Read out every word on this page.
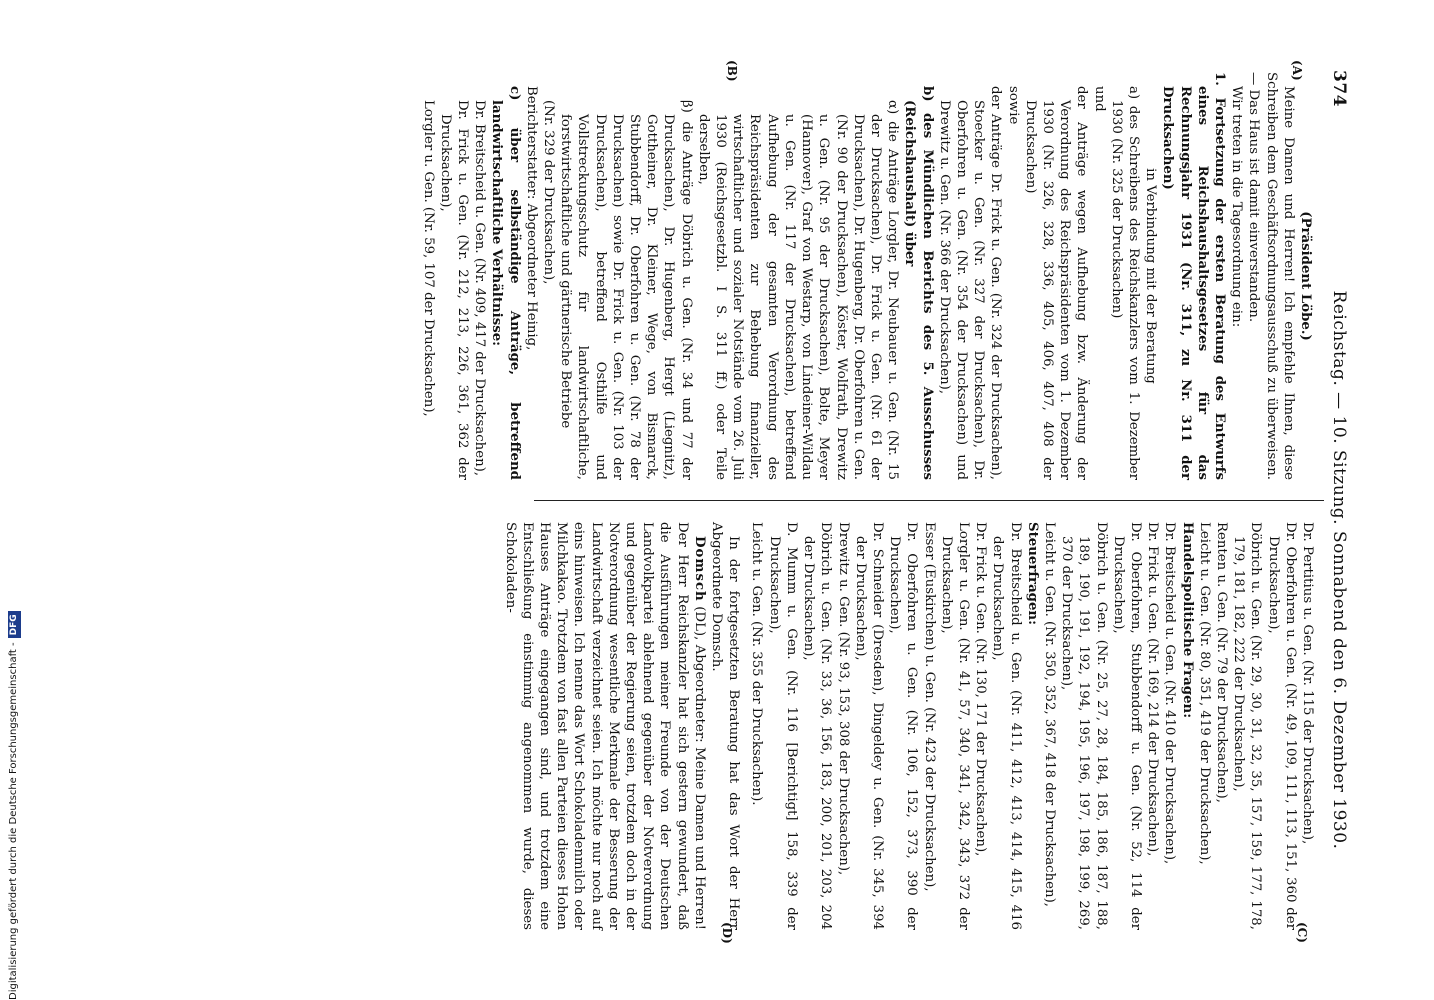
374
Reichstag. — 10. Sitzung. Sonnabend den 6. Dezember 1930.
(A)
(B)
(C)
(D)

(Präsident Löbe.)

Meine Damen und Herren! Ich empfehle Ihnen, diese Schreiben dem Geschäftsordnungsausschuß zu überweisen. — Das Haus ist damit einverstanden.

Wir treten in die Tagesordnung ein:

1. Fortsetzung der ersten Beratung des Entwurfs eines Reichshaushaltsgesetzes für das Rechnungsjahr 1931 (Nr. 311, zu Nr. 311 der Drucksachen)

in Verbindung mit der Beratung

a) des Schreibens des Reichskanzlers vom 1. Dezember 1930 (Nr. 325 der Drucksachen)

und

der Anträge wegen Aufhebung bzw. Änderung der Verordnung des Reichspräsidenten vom 1. Dezember 1930 (Nr. 326, 328, 336, 405, 406, 407, 408 der Drucksachen)

sowie

der Anträge Dr. Frick u. Gen. (Nr. 324 der Drucksachen), Stoecker u. Gen. (Nr. 327 der Drucksachen), Dr. Oberfohren u. Gen. (Nr. 354 der Drucksachen) und Drewitz u. Gen. (Nr. 366 der Drucksachen),

b) des Mündlichen Berichts des 5. Ausschusses (Reichshaushalt) über

α) die Anträge Lorgler, Dr. Neubauer u. Gen. (Nr. 15 der Drucksachen), Dr. Frick u. Gen. (Nr. 61 der Drucksachen), Dr. Hugenberg, Dr. Oberfohren u. Gen. (Nr. 90 der Drucksachen), Köster, Wolfrath, Drewitz u. Gen. (Nr. 95 der Drucksachen), Bolte, Meyer (Hannover), Graf von Westarp, von Lindeiner-Wildau u. Gen. (Nr. 117 der Drucksachen), betreffend Aufhebung der gesamten Verordnung des Reichspräsidenten zur Behebung finanzieller, wirtschaftlicher und sozialer Notstände vom 26. Juli 1930 (Reichsgesetzbl. I S. 311 ff.) oder Teile derselben,

β) die Anträge Döbrich u. Gen. (Nr. 34 und 77 der Drucksachen), Dr. Hugenberg, Hergt (Liegnitz), Gottheiner, Dr. Kleiner, Wege, von Bismarck, Stubbendorff, Dr. Oberfohren u. Gen. (Nr. 78 der Drucksachen) sowie Dr. Frick u. Gen. (Nr. 103 der Drucksachen), betreffend Osthilfe und Vollstreckungsschutz für landwirtschaftliche, forstwirtschaftliche und gärtnerische Betriebe

(Nr. 329 der Drucksachen),

Berichterstatter: Abgeordneter Heinig,

c) über selbständige Anträge, betreffend landwirtschaftliche Verhältnisse:

Dr. Breitscheid u. Gen. (Nr. 409, 417 der Drucksachen),

Dr. Frick u. Gen. (Nr. 212, 213, 226, 361, 362 der Drucksachen),

Lorgler u. Gen. (Nr. 59, 107 der Drucksachen),

Dr. Pertitius u. Gen. (Nr. 115 der Drucksachen),

Dr. Oberfohren u. Gen. (Nr. 49, 109, 111, 113, 151, 360 der Drucksachen),

Döbrich u. Gen. (Nr. 29, 30, 31, 32, 35, 157, 159, 177, 178, 179, 181, 182, 222 der Drucksachen),

Renten u. Gen. (Nr. 79 der Drucksachen),

Leicht u. Gen. (Nr. 80, 351, 419 der Drucksachen),

Handelspolitische Fragen:

Dr. Breitscheid u. Gen. (Nr. 410 der Drucksachen),

Dr. Frick u. Gen. (Nr. 169, 214 der Drucksachen),

Dr. Oberfohren, Stubbendorff u. Gen. (Nr. 52, 114 der Drucksachen),

Döbrich u. Gen. (Nr. 25, 27, 28, 184, 185, 186, 187, 188, 189, 190, 191, 192, 194, 195, 196, 197, 198, 199, 269, 370 der Drucksachen),

Leicht u. Gen. (Nr. 350, 352, 367, 418 der Drucksachen),

Steuerfragen:

Dr. Breitscheid u. Gen. (Nr. 411, 412, 413, 414, 415, 416 der Drucksachen),

Dr. Frick u. Gen. (Nr. 130, 171 der Drucksachen),

Lorgler u. Gen. (Nr. 41, 57, 340, 341, 342, 343, 372 der Drucksachen),

Esser (Euskirchen) u. Gen. (Nr. 423 der Drucksachen),

Dr. Oberfohren u. Gen. (Nr. 106, 152, 373, 390 der Drucksachen),

Dr. Schneider (Dresden), Dingeldey u. Gen. (Nr. 345, 394 der Drucksachen),

Drewitz u. Gen. (Nr. 93, 153, 308 der Drucksachen),

Döbrich u. Gen. (Nr. 33, 36, 156, 183, 200, 201, 203, 204 der Drucksachen),

D. Mumm u. Gen. (Nr. 116 [Berichtigt] 158, 339 der Drucksachen),

Leicht u. Gen. (Nr. 355 der Drucksachen).

In der fortgesetzten Beratung hat das Wort der Herr Abgeordnete Domsch.

Domsch (DL), Abgeordneter: Meine Damen und Herren! Der Herr Reichskanzler hat sich gestern gewundert, daß die Ausführungen meiner Freunde von der Deutschen Landvolkpartei ablehnend gegenüber der Notverordnung und gegenüber der Regierung seien, trotzdem doch in der Notverordnung wesentliche Merkmale der Besserung der Landwirtschaft verzeichnet seien. Ich möchte nur noch auf eins hinweisen. Ich nenne das Wort Schokoladenmilch oder Milchkakao. Trotzdem von fast allen Parteien dieses Hohen Hauses Anträge eingegangen sind, und trotzdem eine Entschließung einstimmig angenommen wurde, dieses Schokoladen-

Digitalisierung gefördert durch die Deutsche Forschungsgemeinschaft -DFG
